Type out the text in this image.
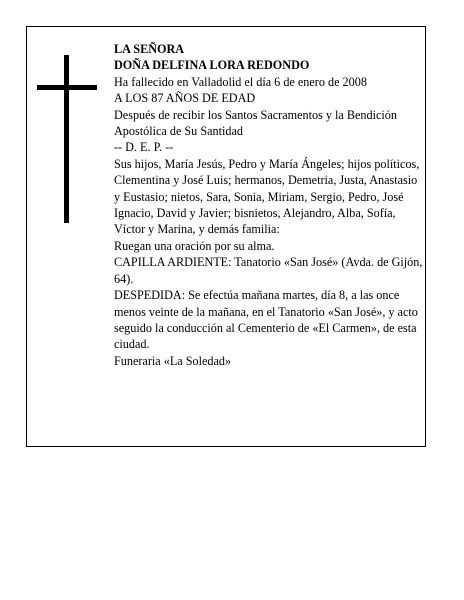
LA SEÑORA

DOÑA DELFINA LORA REDONDO

Ha fallecido en Valladolid el día 6 de enero de 2008

A LOS 87 AÑOS DE EDAD

Después de recibir los Santos Sacramentos y la Bendición Apostólica de Su Santidad

-- D. E. P. --

Sus hijos, María Jesús, Pedro y María Ángeles; hijos políticos, Clementina y José Luis; hermanos, Demetria, Justa, Anastasio y Eustasio; nietos, Sara, Sonia, Miriam, Sergio, Pedro, José Ignacio, David y Javier; bisnietos, Alejandro, Alba, Sofía, Víctor y Marina, y demás familia:

Ruegan una oración por su alma.

CAPILLA ARDIENTE: Tanatorio «San José» (Avda. de Gijón, 64).

DESPEDIDA: Se efectúa mañana martes, día 8, a las once menos veinte de la mañana, en el Tanatorio «San José», y acto seguido la conducción al Cementerio de «El Carmen», de esta ciudad.

Funeraria «La Soledad»
